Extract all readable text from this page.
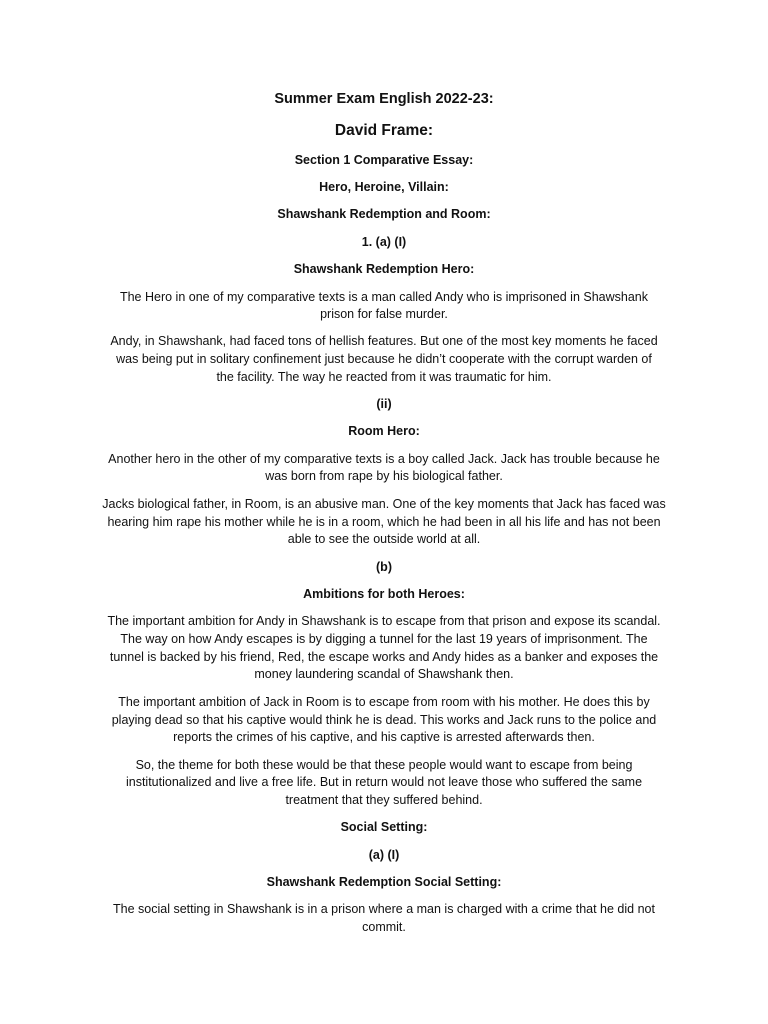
Summer Exam English 2022-23:
David Frame:
Section 1 Comparative Essay:
Hero, Heroine, Villain:
Shawshank Redemption and Room:
1. (a) (I)
Shawshank Redemption Hero:
The Hero in one of my comparative texts is a man called Andy who is imprisoned in Shawshank
prison for false murder.
Andy, in Shawshank, had faced tons of hellish features. But one of the most key moments he faced
was being put in solitary confinement just because he didn’t cooperate with the corrupt warden of
the facility. The way he reacted from it was traumatic for him.
(ii)
Room Hero:
Another hero in the other of my comparative texts is a boy called Jack. Jack has trouble because he
was born from rape by his biological father.
Jacks biological father, in Room, is an abusive man. One of the key moments that Jack has faced was
hearing him rape his mother while he is in a room, which he had been in all his life and has not been
able to see the outside world at all.
(b)
Ambitions for both Heroes:
The important ambition for Andy in Shawshank is to escape from that prison and expose its scandal.
The way on how Andy escapes is by digging a tunnel for the last 19 years of imprisonment. The
tunnel is backed by his friend, Red, the escape works and Andy hides as a banker and exposes the
money laundering scandal of Shawshank then.
The important ambition of Jack in Room is to escape from room with his mother. He does this by
playing dead so that his captive would think he is dead. This works and Jack runs to the police and
reports the crimes of his captive, and his captive is arrested afterwards then.
So, the theme for both these would be that these people would want to escape from being
institutionalized and live a free life. But in return would not leave those who suffered the same
treatment that they suffered behind.
Social Setting:
(a) (I)
Shawshank Redemption Social Setting:
The social setting in Shawshank is in a prison where a man is charged with a crime that he did not
commit.
